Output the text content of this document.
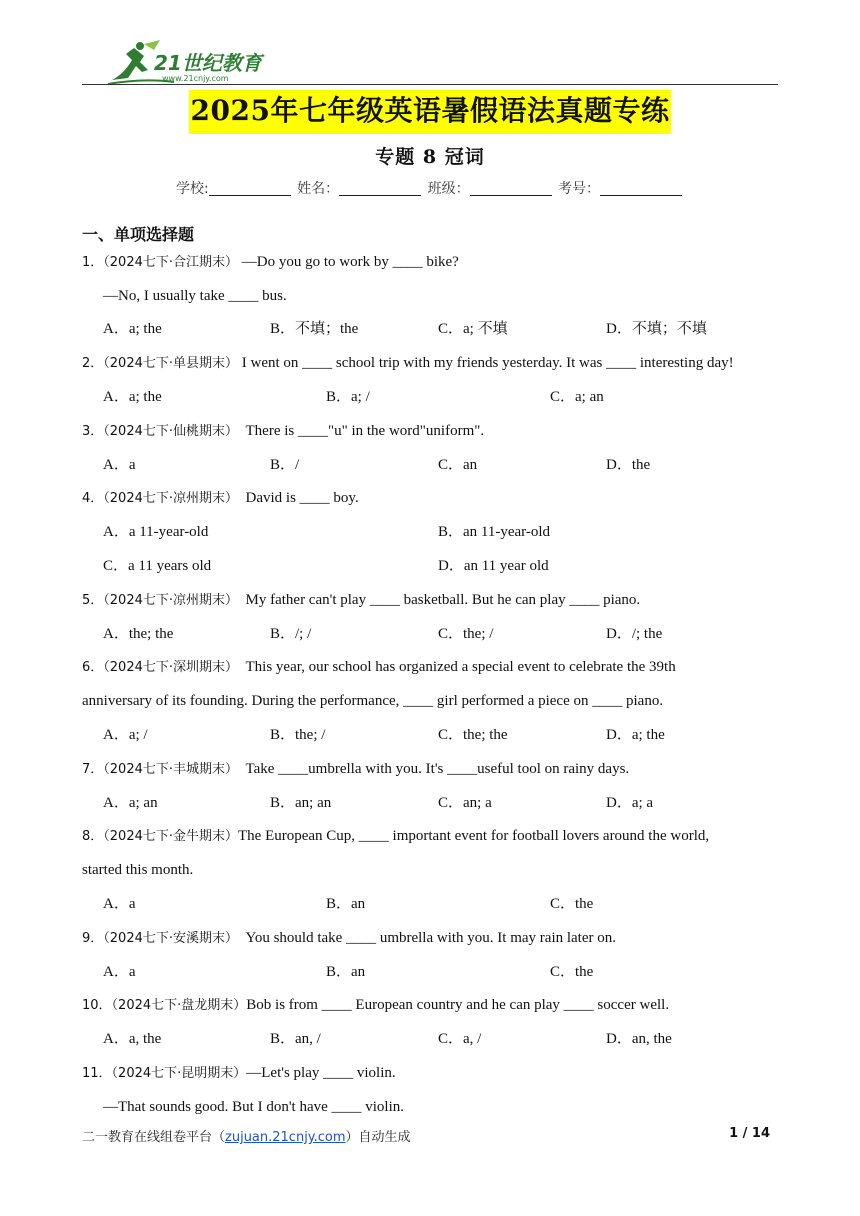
21世纪教育
www.21cnjy.com
2025年七年级英语暑假语法真题专练
专题 8 冠词
学校:	姓名：	班级：	考号：
一、单项选择题
1．（2024七下·合江期末） —Do you go to work by ____ bike?
—No, I usually take ____ bus.
A．a; the	B．不填；the	C．a; 不填	D．不填；不填
2．（2024七下·单县期末） I went on ____ school trip with my friends yesterday. It was ____ interesting day!
A．a; the	B．a; /	C．a; an
3．（2024七下·仙桃期末） There is ____"u" in the word"uniform".
A．a	B．/	C．an	D．the
4．（2024七下·凉州期末） David is ____ boy.
A．a 11-year-old	B．an 11-year-old
C．a 11 years old	D．an 11 year old
5．（2024七下·凉州期末） My father can't play ____ basketball. But he can play ____ piano.
A．the; the	B．/; /	C．the; /	D．/; the
6．（2024七下·深圳期末） This year, our school has organized a special event to celebrate the 39th
anniversary of its founding. During the performance, ____ girl performed a piece on ____ piano.
A．a; /	B．the; /	C．the; the	D．a; the
7．（2024七下·丰城期末） Take ____umbrella with you. It's ____useful tool on rainy days.
A．a; an	B．an; an	C．an; a	D．a; a
8．（2024七下·金牛期末）The European Cup, ____ important event for football lovers around the world,
started this month.
A．a	B．an	C．the
9．（2024七下·安溪期末） You should take ____ umbrella with you. It may rain later on.
A．a	B．an	C．the
10．（2024七下·盘龙期末）Bob is from ____ European country and he can play ____ soccer well.
A．a, the	B．an, /	C．a, /	D．an, the
11．（2024七下·昆明期末）—Let's play ____ violin.
—That sounds good. But I don't have ____ violin.
二一教育在线组卷平台（zujuan.21cnjy.com）自动生成	1 / 14
